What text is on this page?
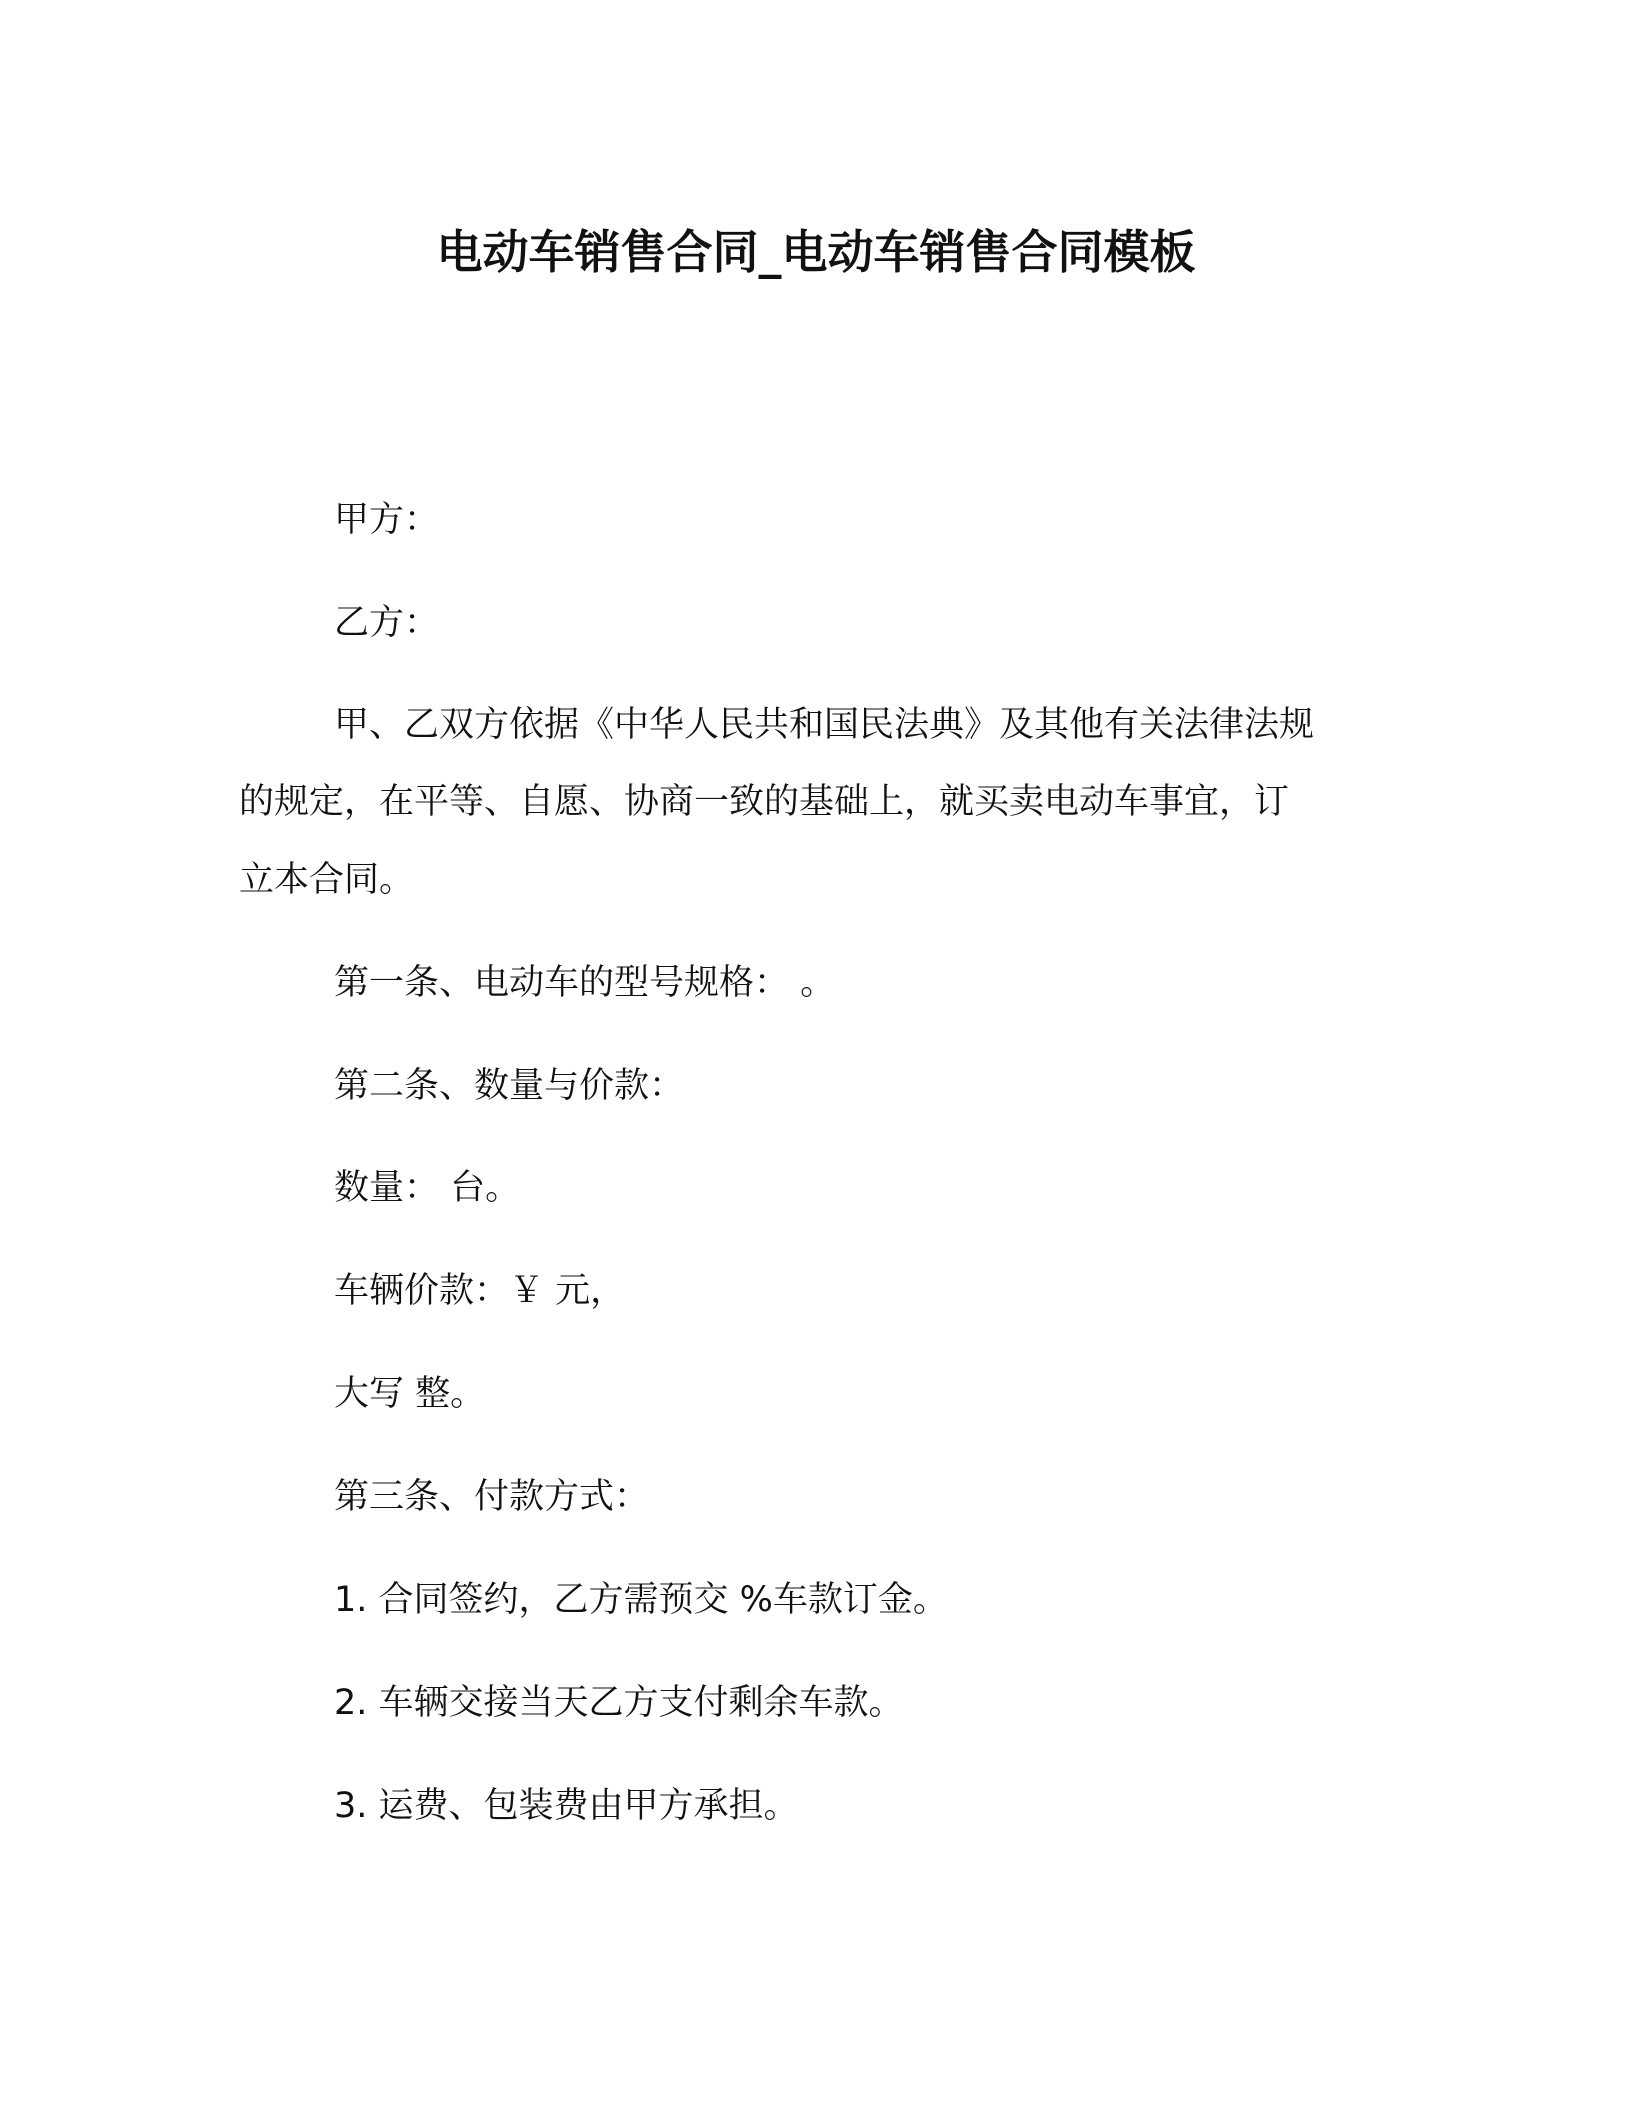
电动车销售合同_电动车销售合同模板

甲方：

乙方：

甲、乙双方依据《中华人民共和国民法典》及其他有关法律法规

的规定，在平等、自愿、协商一致的基础上，就买卖电动车事宜，订

立本合同。

第一条、电动车的型号规格： 。

第二条、数量与价款：

数量： 台。

车辆价款：￥ 元，

大写 整。

第三条、付款方式：

1. 合同签约，乙方需预交 %车款订金。

2. 车辆交接当天乙方支付剩余车款。

3. 运费、包装费由甲方承担。
